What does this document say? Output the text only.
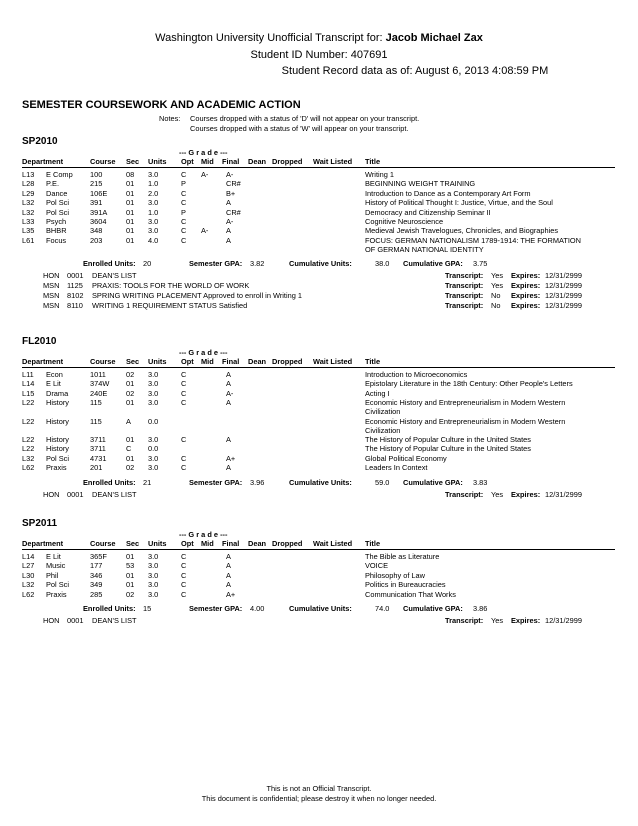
Washington University Unofficial Transcript for: Jacob Michael Zax
Student ID Number: 407691
Student Record data as of: August 6, 2013 4:08:59 PM
SEMESTER COURSEWORK AND ACADEMIC ACTION
Notes: Courses dropped with a status of 'D' will not appear on your transcript.
Courses dropped with a status of 'W' will appear on your transcript.
SP2010
--- G r a d e ---
Department	Course Sec Units Opt Mid Final Dean Dropped Wait Listed Title
L13 E Comp 100	08 3.0	C A- A-	Writing 1
L28 P.E.	215	01 1.0	P	CR#	BEGINNING WEIGHT TRAINING
L29 Dance	106E	01 2.0	C	B+	Introduction to Dance as a Contemporary Art Form
L32 Pol Sci	391	01 3.0	C	A	History of Political Thought I: Justice, Virtue, and the Soul
L32 Pol Sci	391A	01 1.0	P	CR#	Democracy and Citizenship Seminar II
L33 Psych	3604	01 3.0	C	A-	Cognitive Neuroscience
L35 BHBR	348	01 3.0	C A- A	Medieval Jewish Travelogues, Chronicles, and Biographies
L61 Focus	203	01 4.0	C	A	FOCUS: GERMAN NATIONALISM 1789-1914: THE FORMATION
OF GERMAN NATIONAL IDENTITY
Enrolled Units: 20	Semester GPA: 3.82	Cumulative Units:	38.0 Cumulative GPA: 3.75
HON 0001 DEAN'S LIST	Transcript: Yes Expires: 12/31/2999
MSN 1125 PRAXIS: TOOLS FOR THE WORLD OF WORK	Transcript: Yes Expires: 12/31/2999
MSN 8102 SPRING WRITING PLACEMENT Approved to enroll in Writing 1	Transcript: No Expires: 12/31/2999
MSN 8110 WRITING 1 REQUIREMENT STATUS Satisfied	Transcript: No Expires: 12/31/2999
FL2010
--- G r a d e ---
Department	Course Sec Units Opt Mid Final Dean Dropped Wait Listed Title
L11 Econ	1011	02 3.0	C	A	Introduction to Microeconomics
L14 E Lit	374W 01 3.0	C	A	Epistolary Literature in the 18th Century: Other People's Letters
L15 Drama	240E	02 3.0	C	A-	Acting I
L22 History	115	01 3.0	C	A	Economic History and Entrepreneurialism in Modern Western
Civilization
L22 History	115	A 0.0	Economic History and Entrepreneurialism in Modern Western
Civilization
L22 History	3711	01 3.0	C	A	The History of Popular Culture in the United States
L22 History	3711	C 0.0	The History of Popular Culture in the United States
L32 Pol Sci	4731	01 3.0	C	A+	Global Political Economy
L62 Praxis	201	02 3.0	C	A	Leaders In Context
Enrolled Units: 21	Semester GPA: 3.96	Cumulative Units:	59.0 Cumulative GPA: 3.83
HON 0001 DEAN'S LIST	Transcript: Yes Expires: 12/31/2999
SP2011
--- G r a d e ---
Department	Course Sec Units Opt Mid Final Dean Dropped Wait Listed Title
L14 E Lit	365F	01 3.0	C	A	The Bible as Literature
L27 Music	177	53 3.0	C	A	VOICE
L30 Phil	346	01 3.0	C	A	Philosophy of Law
L32 Pol Sci	349	01 3.0	C	A	Politics in Bureaucracies
L62 Praxis	285	02 3.0	C	A+	Communication That Works
Enrolled Units: 15	Semester GPA: 4.00	Cumulative Units:	74.0 Cumulative GPA: 3.86
HON 0001 DEAN'S LIST	Transcript: Yes Expires: 12/31/2999
This is not an Official Transcript.
This document is confidential; please destroy it when no longer needed.
